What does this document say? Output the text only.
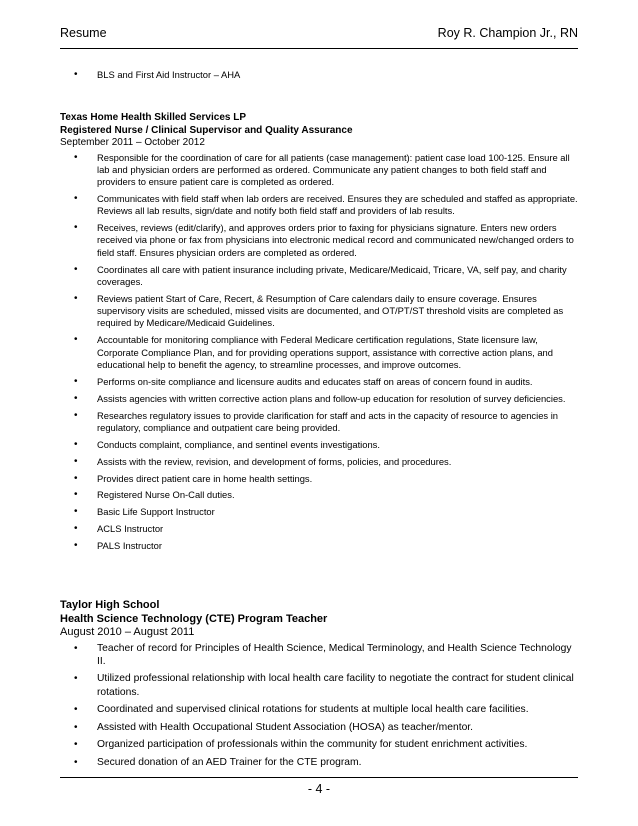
Resume	Roy R. Champion Jr., RN
• BLS and First Aid Instructor – AHA
Texas Home Health Skilled Services LP
Registered Nurse / Clinical Supervisor and Quality Assurance
September 2011 – October 2012
• Responsible for the coordination of care for all patients (case management): patient case load 100-125. Ensure all lab and physician orders are performed as ordered. Communicate any patient changes to both field staff and providers to ensure patient care is completed as ordered.
• Communicates with field staff when lab orders are received. Ensures they are scheduled and staffed as appropriate. Reviews all lab results, sign/date and notify both field staff and providers of lab results.
• Receives, reviews (edit/clarify), and approves orders prior to faxing for physicians signature. Enters new orders received via phone or fax from physicians into electronic medical record and communicated new/changed orders to field staff. Ensures physician orders are completed as ordered.
• Coordinates all care with patient insurance including private, Medicare/Medicaid, Tricare, VA, self pay, and charity coverages.
• Reviews patient Start of Care, Recert, & Resumption of Care calendars daily to ensure coverage. Ensures supervisory visits are scheduled, missed visits are documented, and OT/PT/ST threshold visits are completed as required by Medicare/Medicaid Guidelines.
• Accountable for monitoring compliance with Federal Medicare certification regulations, State licensure law, Corporate Compliance Plan, and for providing operations support, assistance with corrective action plans, and educational help to benefit the agency, to streamline processes, and improve outcomes.
• Performs on-site compliance and licensure audits and educates staff on areas of concern found in audits.
• Assists agencies with written corrective action plans and follow-up education for resolution of survey deficiencies.
• Researches regulatory issues to provide clarification for staff and acts in the capacity of resource to agencies in regulatory, compliance and outpatient care being provided.
• Conducts complaint, compliance, and sentinel events investigations.
• Assists with the review, revision, and development of forms, policies, and procedures.
• Provides direct patient care in home health settings.
• Registered Nurse On-Call duties.
• Basic Life Support Instructor
• ACLS Instructor
• PALS Instructor
Taylor High School
Health Science Technology (CTE) Program Teacher
August 2010 – August 2011
• Teacher of record for Principles of Health Science, Medical Terminology, and Health Science Technology II.
• Utilized professional relationship with local health care facility to negotiate the contract for student clinical rotations.
• Coordinated and supervised clinical rotations for students at multiple local health care facilities.
• Assisted with Health Occupational Student Association (HOSA) as teacher/mentor.
• Organized participation of professionals within the community for student enrichment activities.
• Secured donation of an AED Trainer for the CTE program.
- 4 -
